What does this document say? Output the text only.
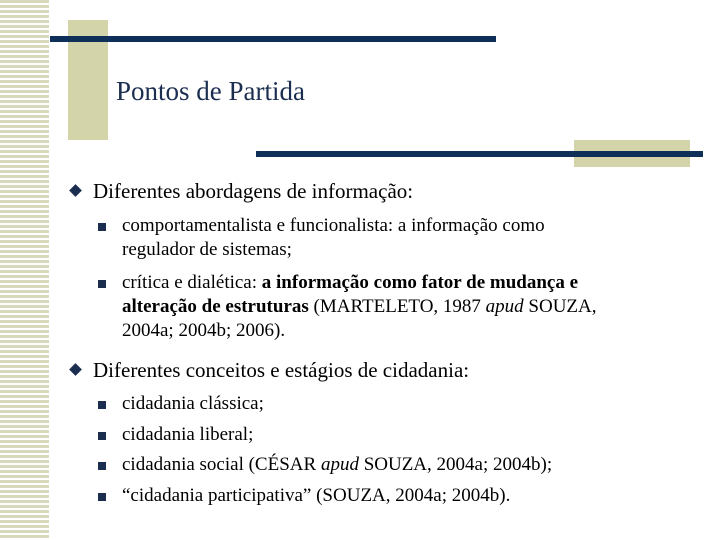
Pontos de Partida
Diferentes abordagens de informação:
comportamentalista e funcionalista: a informação como
regulador de sistemas;
crítica e dialética: a informação como fator de mudança e
alteração de estruturas (MARTELETO, 1987 apud SOUZA,
2004a; 2004b; 2006).
Diferentes conceitos e estágios de cidadania:
cidadania clássica;
cidadania liberal;
cidadania social (CÉSAR apud SOUZA, 2004a; 2004b);
“cidadania participativa” (SOUZA, 2004a; 2004b).
